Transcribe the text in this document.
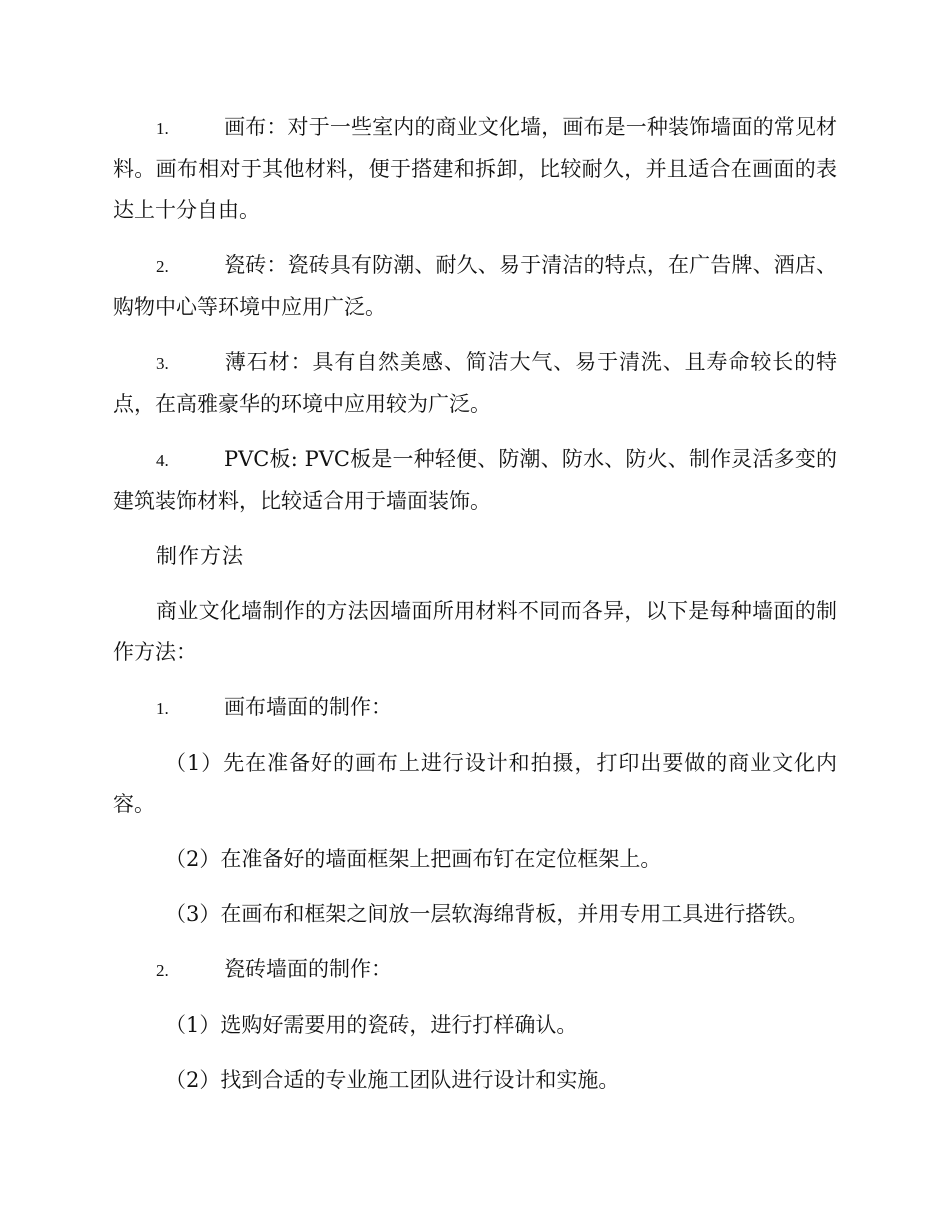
1.	画布：对于一些室内的商业文化墙，画布是一种装饰墙面的常见材料。画布相对于其他材料，便于搭建和拆卸，比较耐久，并且适合在画面的表达上十分自由。

2.	瓷砖：瓷砖具有防潮、耐久、易于清洁的特点，在广告牌、酒店、购物中心等环境中应用广泛。

3.	薄石材：具有自然美感、简洁大气、易于清洗、且寿命较长的特点，在高雅豪华的环境中应用较为广泛。

4.	PVC板: PVC板是一种轻便、防潮、防水、防火、制作灵活多变的建筑装饰材料，比较适合用于墙面装饰。

制作方法

商业文化墙制作的方法因墙面所用材料不同而各异，以下是每种墙面的制作方法：

1.	画布墙面的制作：

（1）先在准备好的画布上进行设计和拍摄，打印出要做的商业文化内容。

（2）在准备好的墙面框架上把画布钉在定位框架上。

（3）在画布和框架之间放一层软海绵背板，并用专用工具进行搭铁。

2.	瓷砖墙面的制作：

（1）选购好需要用的瓷砖，进行打样确认。

（2）找到合适的专业施工团队进行设计和实施。
